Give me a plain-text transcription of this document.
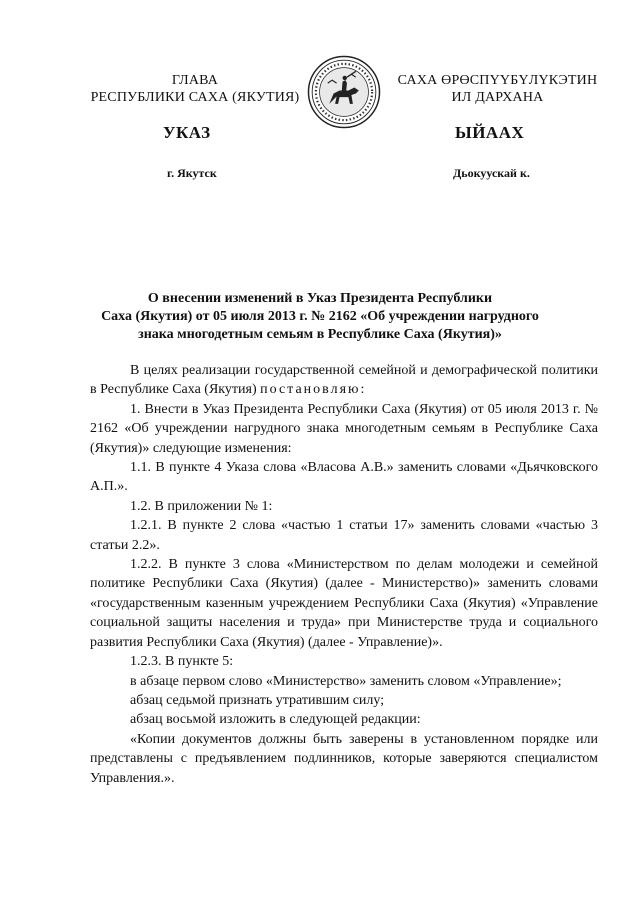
ГЛАВА
РЕСПУБЛИКИ САХА (ЯКУТИЯ)
САХА ӨРӨСПҮҮБҮЛҮКЭТИН
ИЛ ДАРХАНА
УКАЗ	ЫЙААХ
г. Якутск	Дьокуускай к.
О внесении изменений в Указ Президента Республики
Саха (Якутия) от 05 июля 2013 г. № 2162 «Об учреждении нагрудного
знака многодетным семьям в Республике Саха (Якутия)»

В целях реализации государственной семейной и демографической политики в Республике Саха (Якутия) постановляю:

1. Внести в Указ Президента Республики Саха (Якутия) от 05 июля 2013 г. № 2162 «Об учреждении нагрудного знака многодетным семьям в Республике Саха (Якутия)» следующие изменения:

1.1. В пункте 4 Указа слова «Власова А.В.» заменить словами «Дьячковского А.П.».

1.2. В приложении № 1:

1.2.1. В пункте 2 слова «частью 1 статьи 17» заменить словами «частью 3 статьи 2.2».

1.2.2. В пункте 3 слова «Министерством по делам молодежи и семейной политике Республики Саха (Якутия) (далее - Министерство)» заменить словами «государственным казенным учреждением Республики Саха (Якутия) «Управление социальной защиты населения и труда» при Министерстве труда и социального развития Республики Саха (Якутия) (далее - Управление)».

1.2.3. В пункте 5:

в абзаце первом слово «Министерство» заменить словом «Управление»;

абзац седьмой признать утратившим силу;

абзац восьмой изложить в следующей редакции:

«Копии документов должны быть заверены в установленном порядке или представлены с предъявлением подлинников, которые заверяются специалистом Управления.».
